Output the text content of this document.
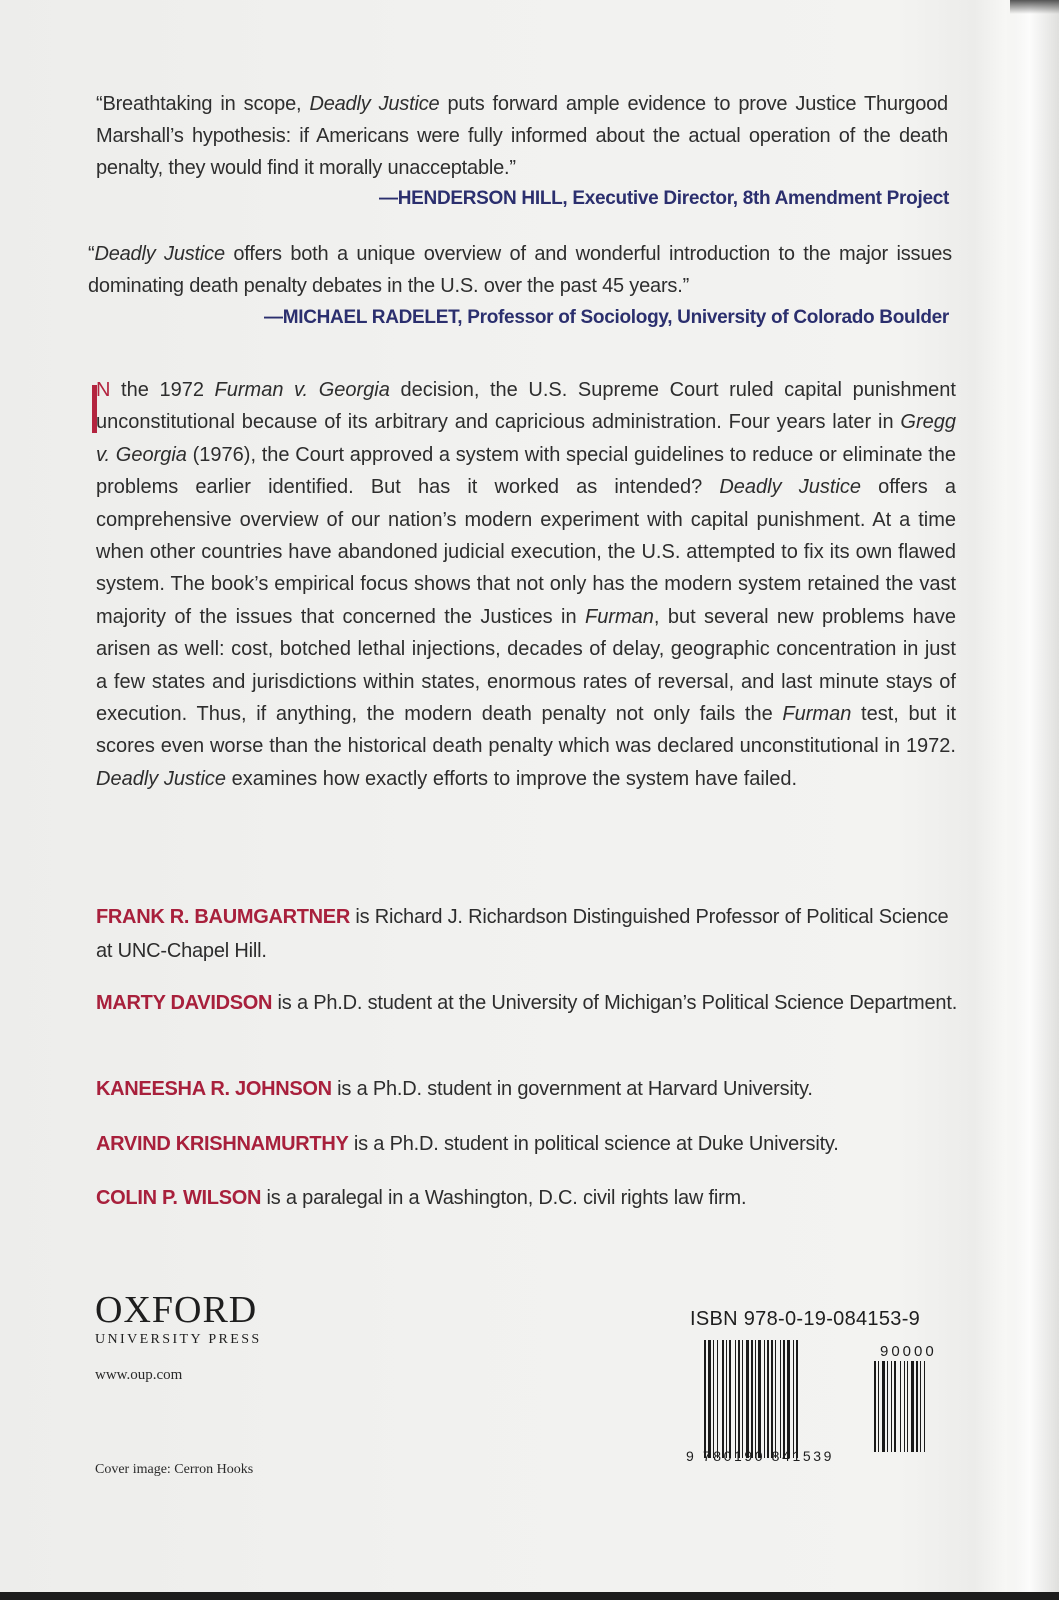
“Breathtaking in scope, Deadly Justice puts forward ample evidence to prove Justice Thurgood Marshall’s hypothesis: if Americans were fully informed about the actual operation of the death penalty, they would find it morally unacceptable.”
—HENDERSON HILL, Executive Director, 8th Amendment Project
“Deadly Justice offers both a unique overview of and wonderful introduction to the major issues dominating death penalty debates in the U.S. over the past 45 years.”
—MICHAEL RADELET, Professor of Sociology, University of Colorado Boulder
N the 1972 Furman v. Georgia decision, the U.S. Supreme Court ruled capital punishment unconstitutional because of its arbitrary and capricious administration. Four years later in Gregg v. Georgia (1976), the Court approved a system with special guidelines to reduce or eliminate the problems earlier identified. But has it worked as intended? Deadly Justice offers a comprehensive overview of our nation’s modern experiment with capital punishment. At a time when other countries have abandoned judicial execution, the U.S. attempted to fix its own flawed system. The book’s empirical focus shows that not only has the modern system retained the vast majority of the issues that concerned the Justices in Furman, but several new problems have arisen as well: cost, botched lethal injections, decades of delay, geographic concentration in just a few states and jurisdictions within states, enormous rates of reversal, and last minute stays of execution. Thus, if anything, the modern death penalty not only fails the Furman test, but it scores even worse than the historical death penalty which was declared unconstitutional in 1972. Deadly Justice examines how exactly efforts to improve the system have failed.
FRANK R. BAUMGARTNER is Richard J. Richardson Distinguished Professor of Political Science at UNC-Chapel Hill.
MARTY DAVIDSON is a Ph.D. student at the University of Michigan’s Political Science Department.
KANEESHA R. JOHNSON is a Ph.D. student in government at Harvard University.
ARVIND KRISHNAMURTHY is a Ph.D. student in political science at Duke University.
COLIN P. WILSON is a paralegal in a Washington, D.C. civil rights law firm.
OXFORD
UNIVERSITY PRESS
www.oup.com
Cover image: Cerron Hooks
ISBN 978-0-19-084153-9
90000
9 780190 841539
